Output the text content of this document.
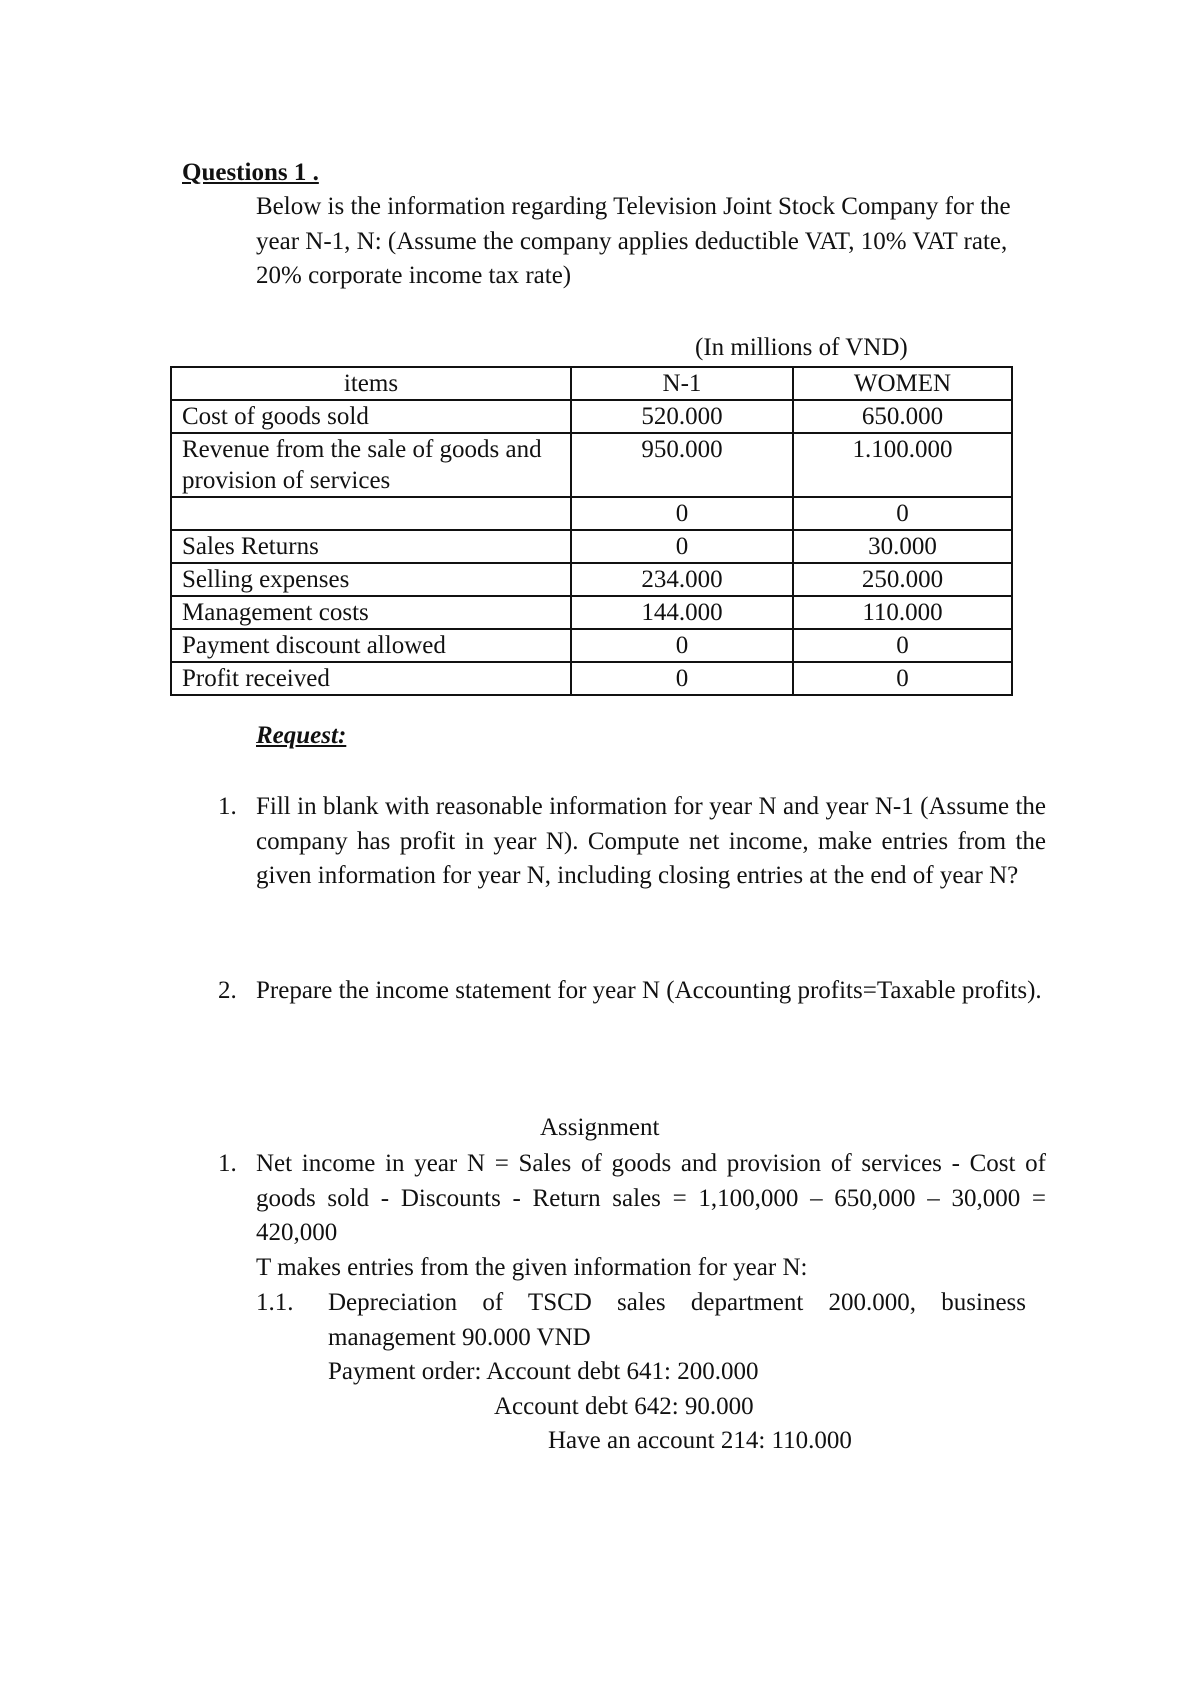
Questions 1 .
Below is the information regarding Television Joint Stock Company for the year N-1, N: (Assume the company applies deductible VAT, 10% VAT rate, 20% corporate income tax rate)
(In millions of VND)
items	N-1	WOMEN
Cost of goods sold	520.000	650.000
Revenue from the sale of goods and provision of services	950.000	1.100.000
	0	0
Sales Returns	0	30.000
Selling expenses	234.000	250.000
Management costs	144.000	110.000
Payment discount allowed	0	0
Profit received	0	0
Request:
1. Fill in blank with reasonable information for year N and year N-1 (Assume the company has profit in year N). Compute net income, make entries from the given information for year N, including closing entries at the end of year N?
2. Prepare the income statement for year N (Accounting profits=Taxable profits).
Assignment
1. Net income in year N = Sales of goods and provision of services - Cost of goods sold - Discounts - Return sales = 1,100,000 – 650,000 – 30,000 = 420,000
T makes entries from the given information for year N:
1.1. Depreciation of TSCD sales department 200.000, business management 90.000 VND
Payment order: Account debt 641: 200.000
Account debt 642: 90.000
Have an account 214: 110.000
